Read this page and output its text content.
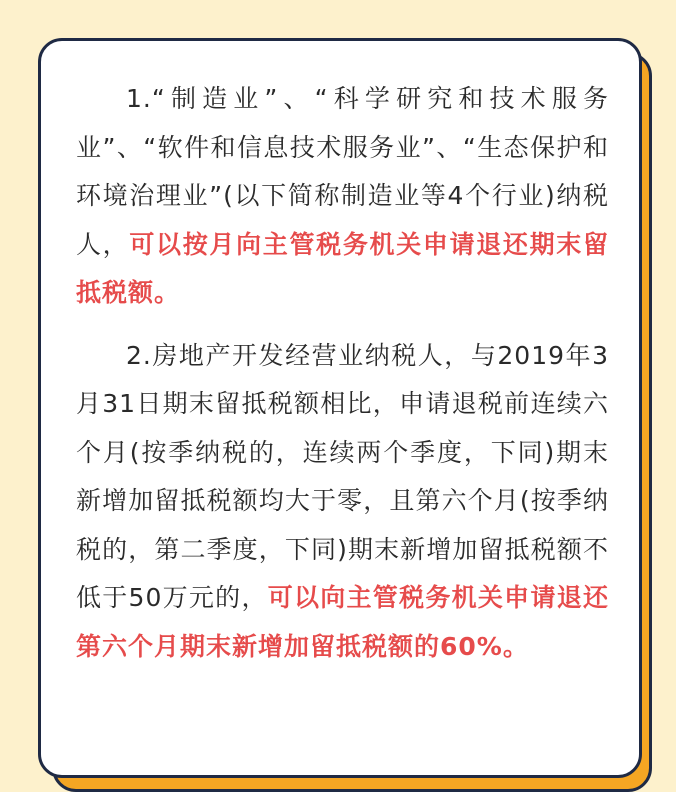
1.“制造业”、“科学研究和技术服务业”、“软件和信息技术服务业”、“生态保护和环境治理业”(以下简称制造业等4个行业)纳税人，可以按月向主管税务机关申请退还期末留抵税额。

2.房地产开发经营业纳税人，与2019年3月31日期末留抵税额相比，申请退税前连续六个月(按季纳税的，连续两个季度，下同)期末新增加留抵税额均大于零，且第六个月(按季纳税的，第二季度，下同)期末新增加留抵税额不低于50万元的，可以向主管税务机关申请退还第六个月期末新增加留抵税额的60%。
